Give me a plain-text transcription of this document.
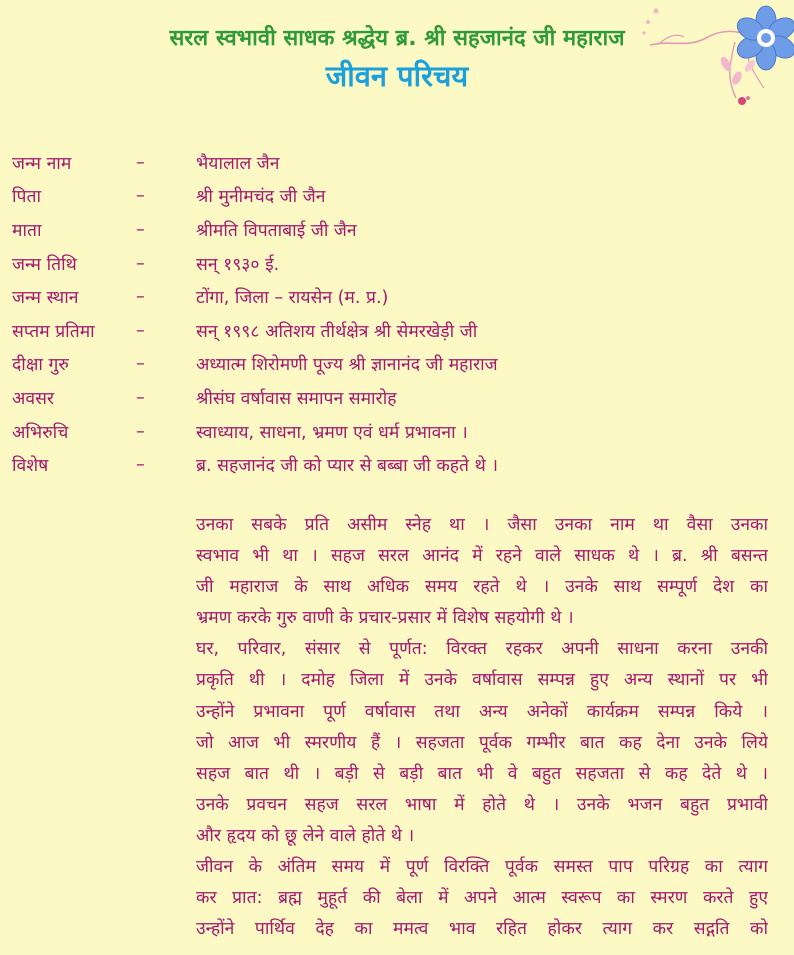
सरल स्वभावी साधक श्रद्धेय ब्र. श्री सहजानंद जी महाराज
जीवन परिचय
जन्म नाम	–	भैयालाल जैन
पिता	–	श्री मुनीमचंद जी जैन
माता	–	श्रीमति विपताबाई जी जैन
जन्म तिथि	–	सन् १९३० ई.
जन्म स्थान	–	टोंगा, जिला – रायसेन (म. प्र.)
सप्तम प्रतिमा	–	सन् १९९८ अतिशय तीर्थक्षेत्र श्री सेमरखेड़ी जी
दीक्षा गुरु	–	अध्यात्म शिरोमणी पूज्य श्री ज्ञानानंद जी महाराज
अवसर	–	श्रीसंघ वर्षावास समापन समारोह
अभिरुचि	–	स्वाध्याय, साधना, भ्रमण एवं धर्म प्रभावना ।
विशेष	–	ब्र. सहजानंद जी को प्यार से बब्बा जी कहते थे ।
उनका सबके प्रति असीम स्नेह था । जैसा उनका नाम था वैसा उनका
स्वभाव भी था । सहज सरल आनंद में रहने वाले साधक थे । ब्र. श्री बसन्त
जी महाराज के साथ अधिक समय रहते थे । उनके साथ सम्पूर्ण देश का
भ्रमण करके गुरु वाणी के प्रचार-प्रसार में विशेष सहयोगी थे ।
घर, परिवार, संसार से पूर्णत: विरक्त रहकर अपनी साधना करना उनकी
प्रकृति थी । दमोह जिला में उनके वर्षावास सम्पन्न हुए अन्य स्थानों पर भी
उन्होंने प्रभावना पूर्ण वर्षावास तथा अन्य अनेकों कार्यक्रम सम्पन्न किये ।
जो आज भी स्मरणीय हैं । सहजता पूर्वक गम्भीर बात कह देना उनके लिये
सहज बात थी । बड़ी से बड़ी बात भी वे बहुत सहजता से कह देते थे ।
उनके प्रवचन सहज सरल भाषा में होते थे । उनके भजन बहुत प्रभावी
और हृदय को छू लेने वाले होते थे ।
जीवन के अंतिम समय में पूर्ण विरक्ति पूर्वक समस्त पाप परिग्रह का त्याग
कर प्रात: ब्रह्म मुहूर्त की बेला में अपने आत्म स्वरूप का स्मरण करते हुए
उन्होंने पार्थिव देह का ममत्व भाव रहित होकर त्याग कर सद्गति को
